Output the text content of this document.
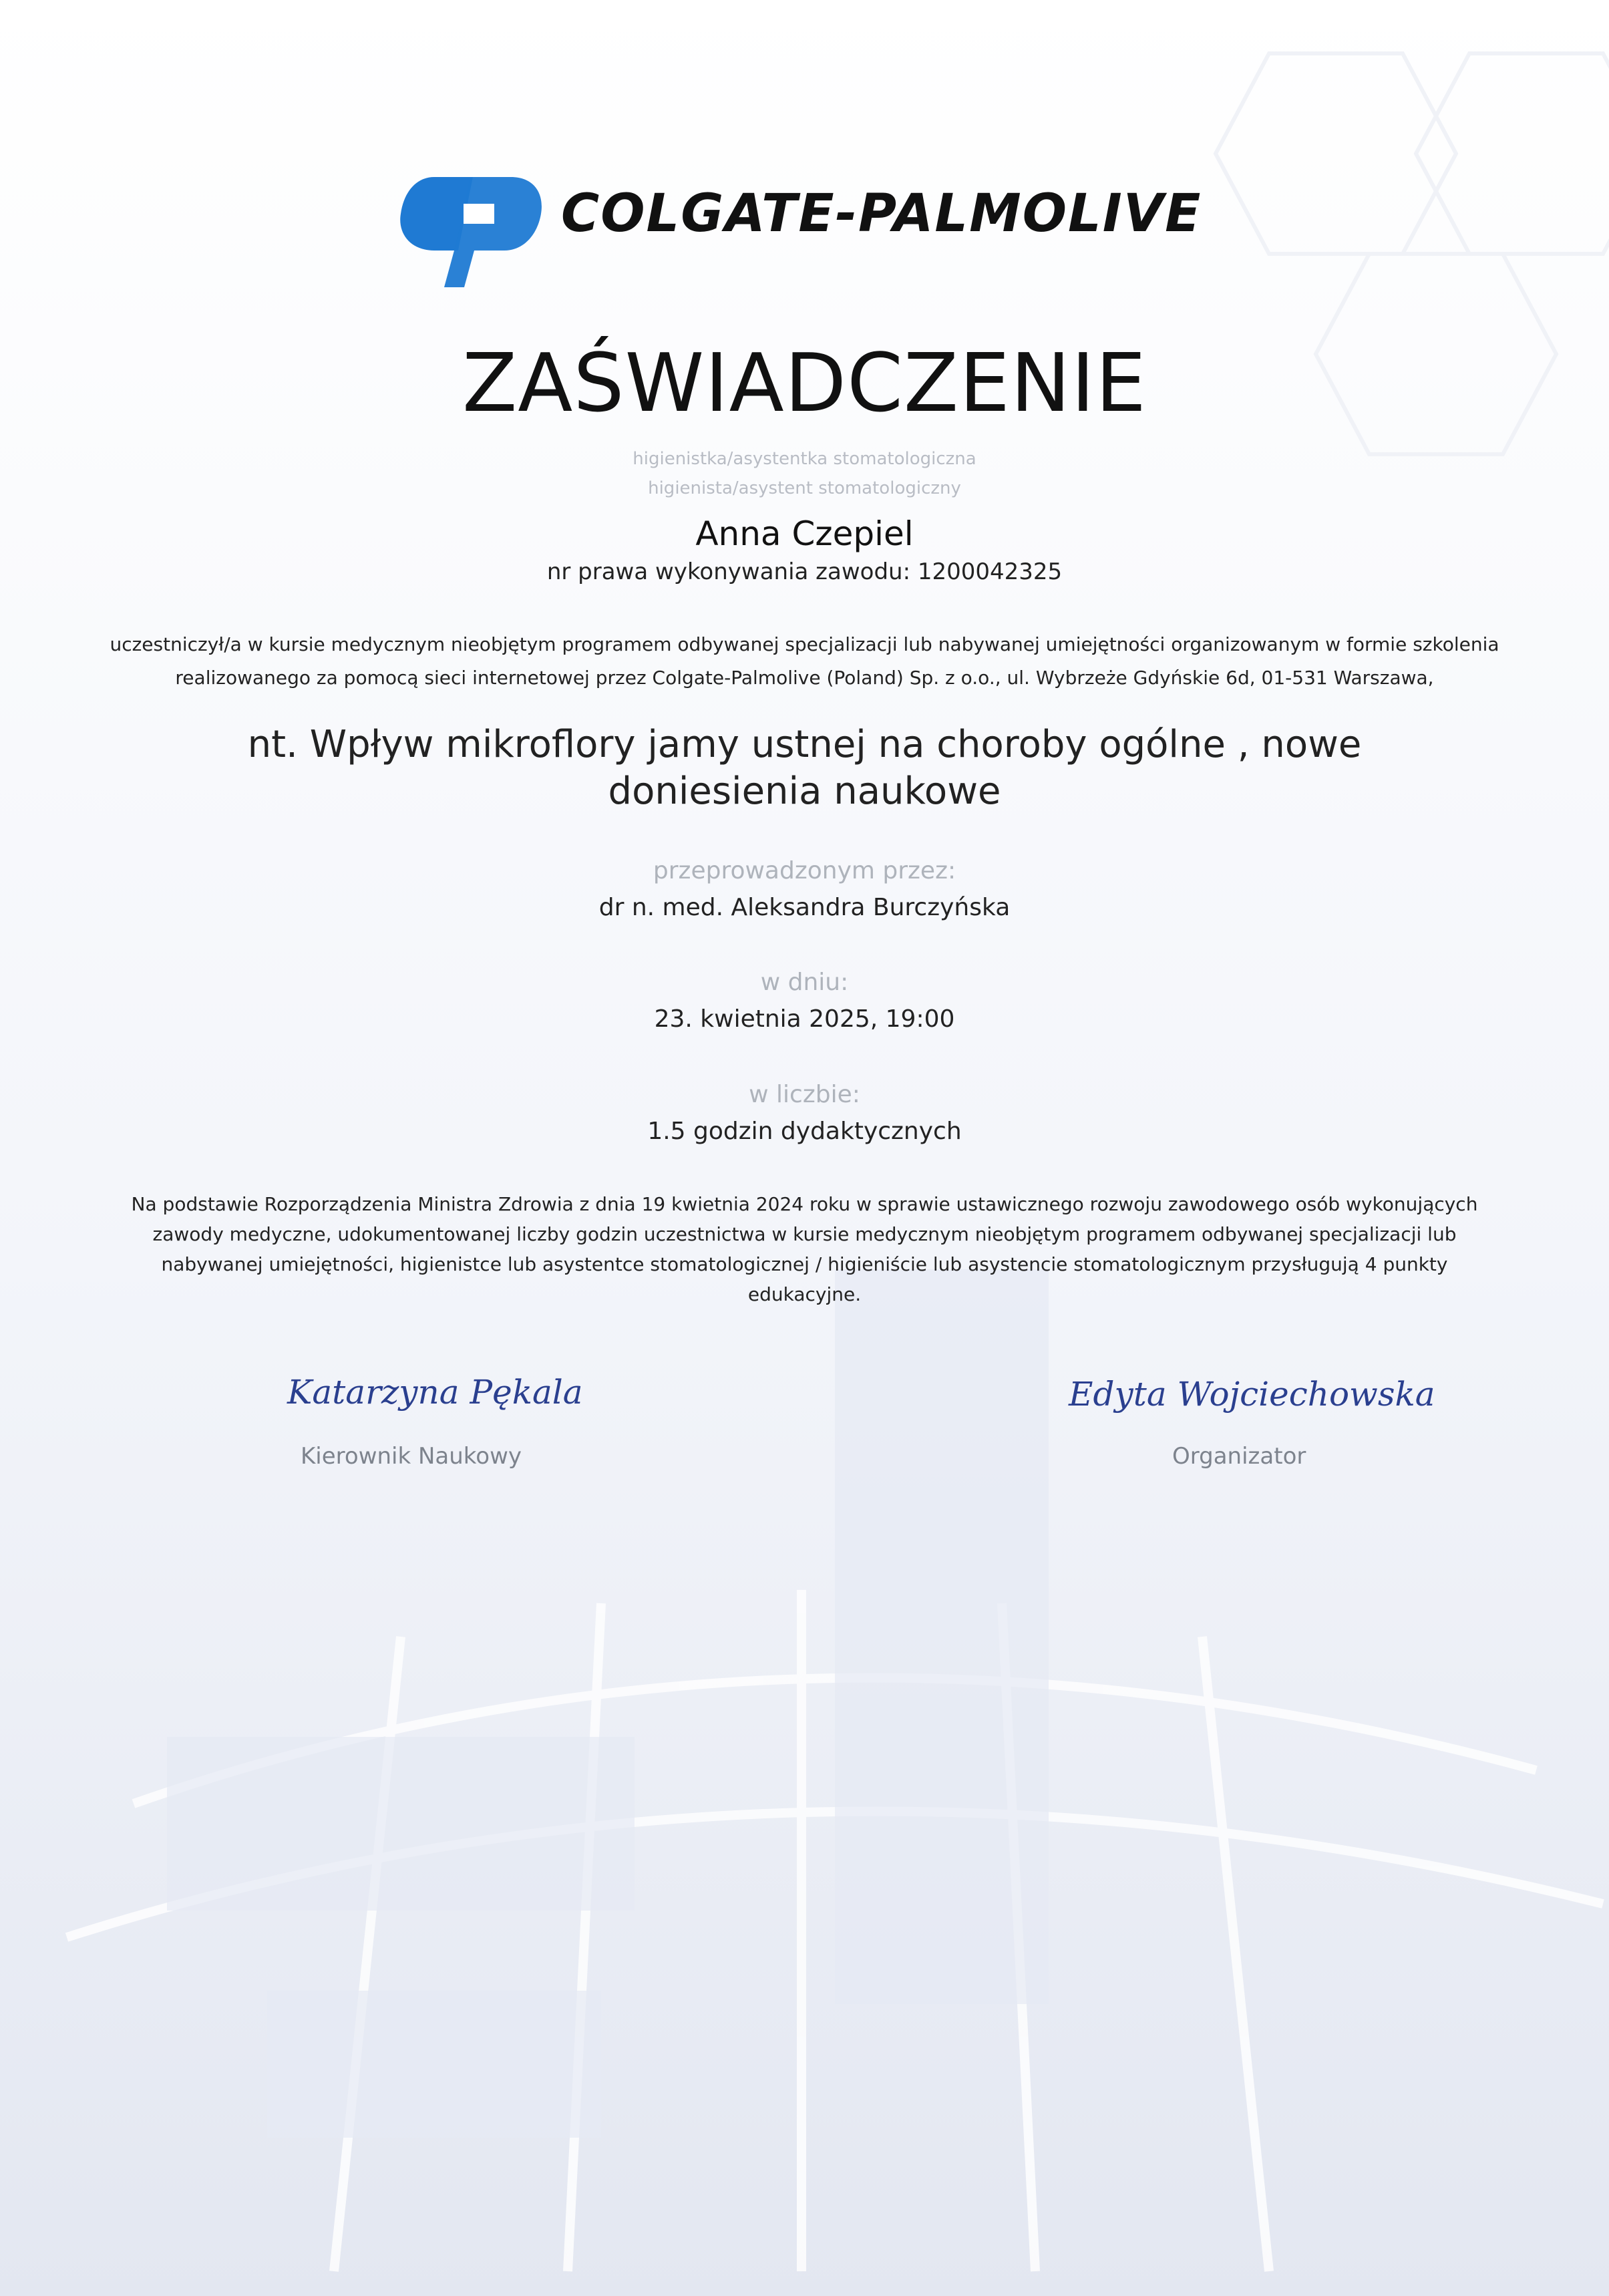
COLGATE-PALMOLIVE
ZAŚWIADCZENIE
higienistka/asystentka stomatologiczna
higienista/asystent stomatologiczny
Anna Czepiel
nr prawa wykonywania zawodu: 1200042325
uczestniczył/a w kursie medycznym nieobjętym programem odbywanej specjalizacji lub nabywanej umiejętności organizowanym w formie szkolenia realizowanego za pomocą sieci internetowej przez Colgate-Palmolive (Poland) Sp. z o.o., ul. Wybrzeże Gdyńskie 6d, 01-531 Warszawa,
nt. Wpływ mikroflory jamy ustnej na choroby ogólne , nowe doniesienia naukowe
przeprowadzonym przez:
dr n. med. Aleksandra Burczyńska
w dniu:
23. kwietnia 2025, 19:00
w liczbie:
1.5 godzin dydaktycznych
Na podstawie Rozporządzenia Ministra Zdrowia z dnia 19 kwietnia 2024 roku w sprawie ustawicznego rozwoju zawodowego osób wykonujących zawody medyczne, udokumentowanej liczby godzin uczestnictwa w kursie medycznym nieobjętym programem odbywanej specjalizacji lub nabywanej umiejętności, higienistce lub asystentce stomatologicznej / higieniście lub asystencie stomatologicznym przysługują 4 punkty edukacyjne.
Katarzyna Pękala
Kierownik Naukowy
Edyta Wojciechowska
Organizator
